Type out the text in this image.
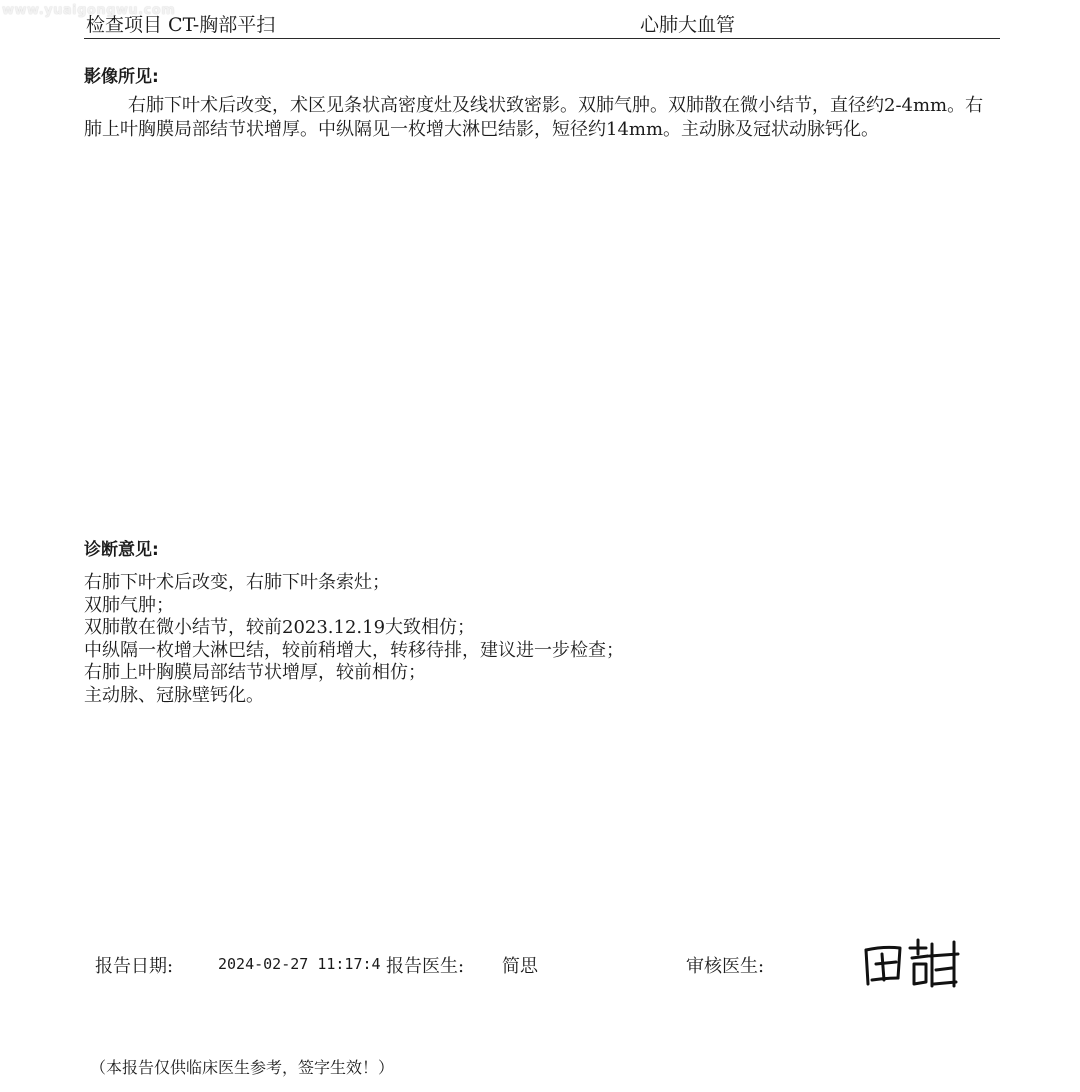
www.yuaigongwu.com
检查项目 CT-胸部平扫	心肺大血管
影像所见:

右肺下叶术后改变，术区见条状高密度灶及线状致密影。双肺气肿。双肺散在微小结节，直径约2-4mm。右肺上叶胸膜局部结节状增厚。中纵隔见一枚增大淋巴结影，短径约14mm。主动脉及冠状动脉钙化。

诊断意见:
右肺下叶术后改变，右肺下叶条索灶；
双肺气肿；
双肺散在微小结节，较前2023.12.19大致相仿；
中纵隔一枚增大淋巴结，较前稍增大，转移待排，建议进一步检查；
右肺上叶胸膜局部结节状增厚，较前相仿；
主动脉、冠脉壁钙化。
报告日期:	2024-02-27 11:17:4 报告医生: 简思	审核医生:
（本报告仅供临床医生参考，签字生效！）
